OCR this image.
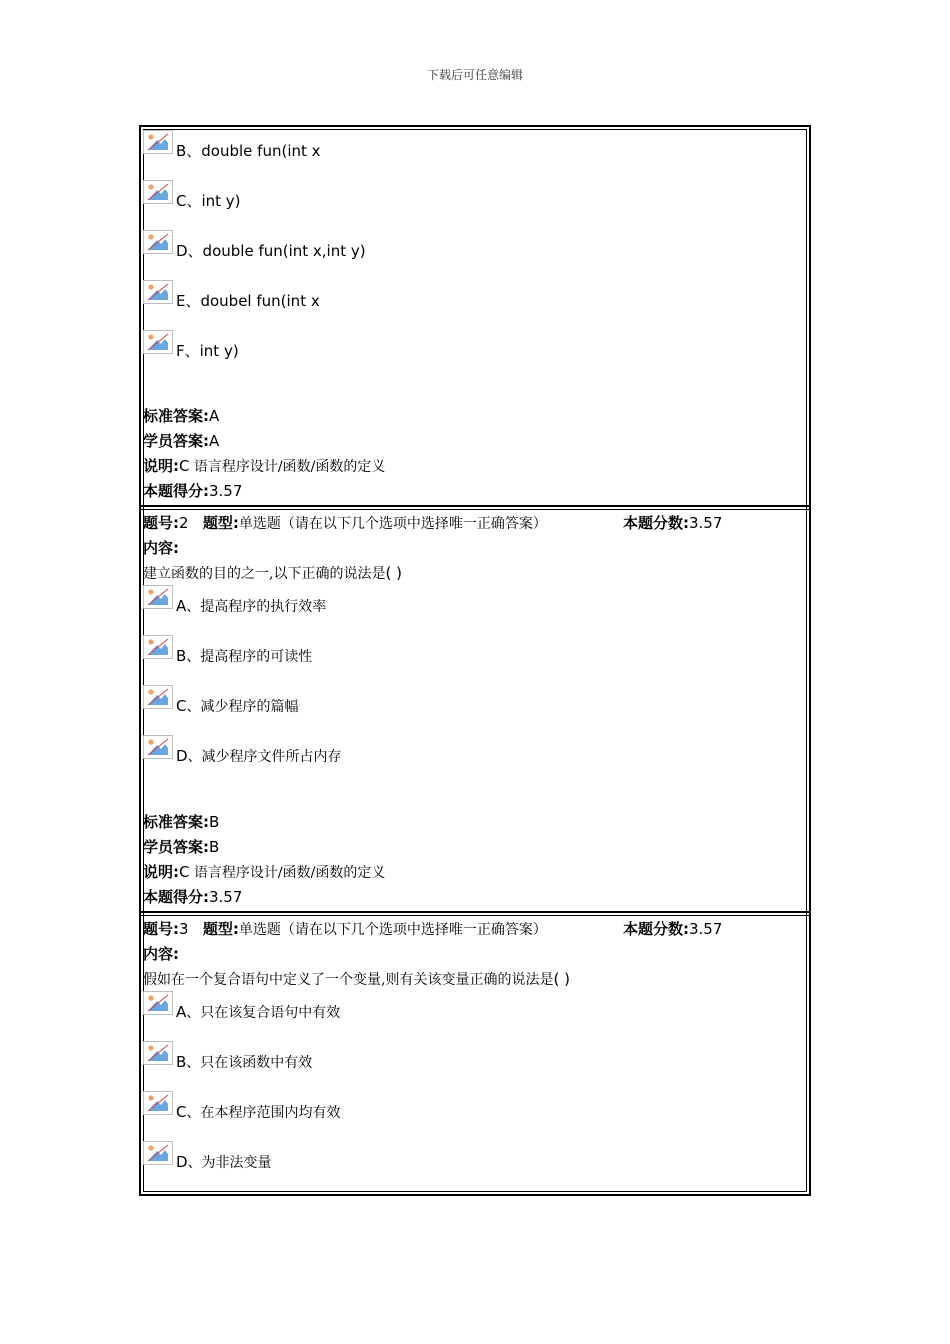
下载后可任意编辑
B、double fun(int x
C、int y)
D、double fun(int x,int y)
E、doubel fun(int x
F、int y)
标准答案:A
学员答案:A
说明:C 语言程序设计/函数/函数的定义
本题得分:3.57
题号:2 题型:单选题（请在以下几个选项中选择唯一正确答案）	本题分数:3.57
内容:
建立函数的目的之一,以下正确的说法是( )
A、提高程序的执行效率
B、提高程序的可读性
C、减少程序的篇幅
D、减少程序文件所占内存
标准答案:B
学员答案:B
说明:C 语言程序设计/函数/函数的定义
本题得分:3.57
题号:3 题型:单选题（请在以下几个选项中选择唯一正确答案）	本题分数:3.57
内容:
假如在一个复合语句中定义了一个变量,则有关该变量正确的说法是( )
A、只在该复合语句中有效
B、只在该函数中有效
C、在本程序范围内均有效
D、为非法变量
